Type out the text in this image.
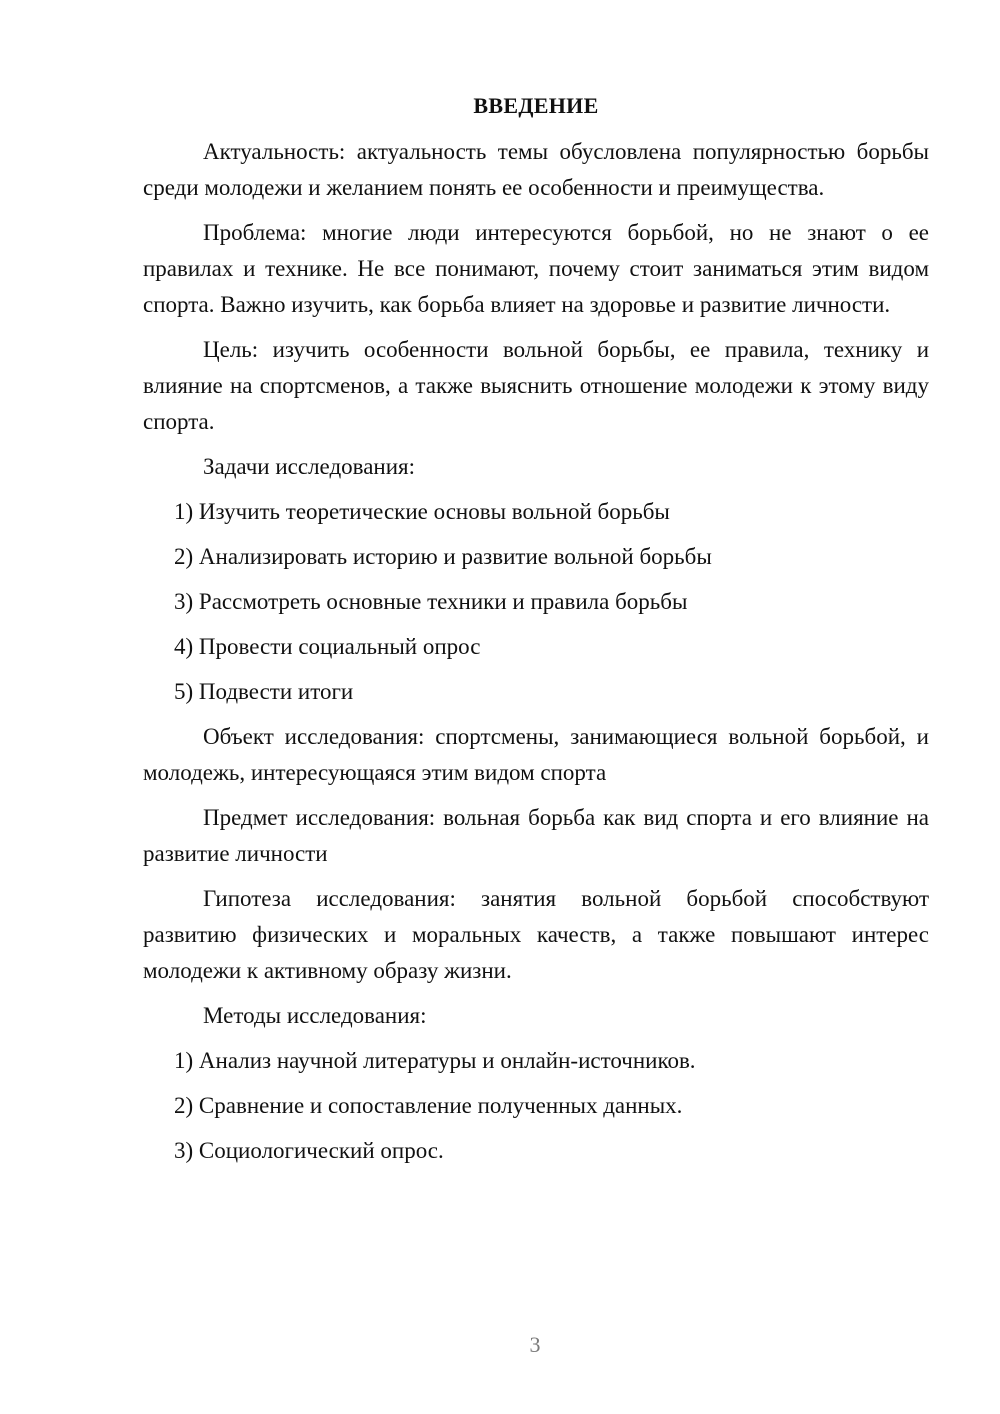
ВВЕДЕНИЕ
Актуальность: актуальность темы обусловлена популярностью борьбы среди молодежи и желанием понять ее особенности и преимущества.
Проблема: многие люди интересуются борьбой, но не знают о ее правилах и технике. Не все понимают, почему стоит заниматься этим видом спорта. Важно изучить, как борьба влияет на здоровье и развитие личности.
Цель: изучить особенности вольной борьбы, ее правила, технику и влияние на спортсменов, а также выяснить отношение молодежи к этому виду спорта.
Задачи исследования:
1) Изучить теоретические основы вольной борьбы
2) Анализировать историю и развитие вольной борьбы
3) Рассмотреть основные техники и правила борьбы
4) Провести социальный опрос
5) Подвести итоги
Объект исследования: спортсмены, занимающиеся вольной борьбой, и молодежь, интересующаяся этим видом спорта
Предмет исследования: вольная борьба как вид спорта и его влияние на развитие личности
Гипотеза исследования: занятия вольной борьбой способствуют развитию физических и моральных качеств, а также повышают интерес молодежи к активному образу жизни.
Методы исследования:
1) Анализ научной литературы и онлайн-источников.
2) Сравнение и сопоставление полученных данных.
3) Социологический опрос.
3
